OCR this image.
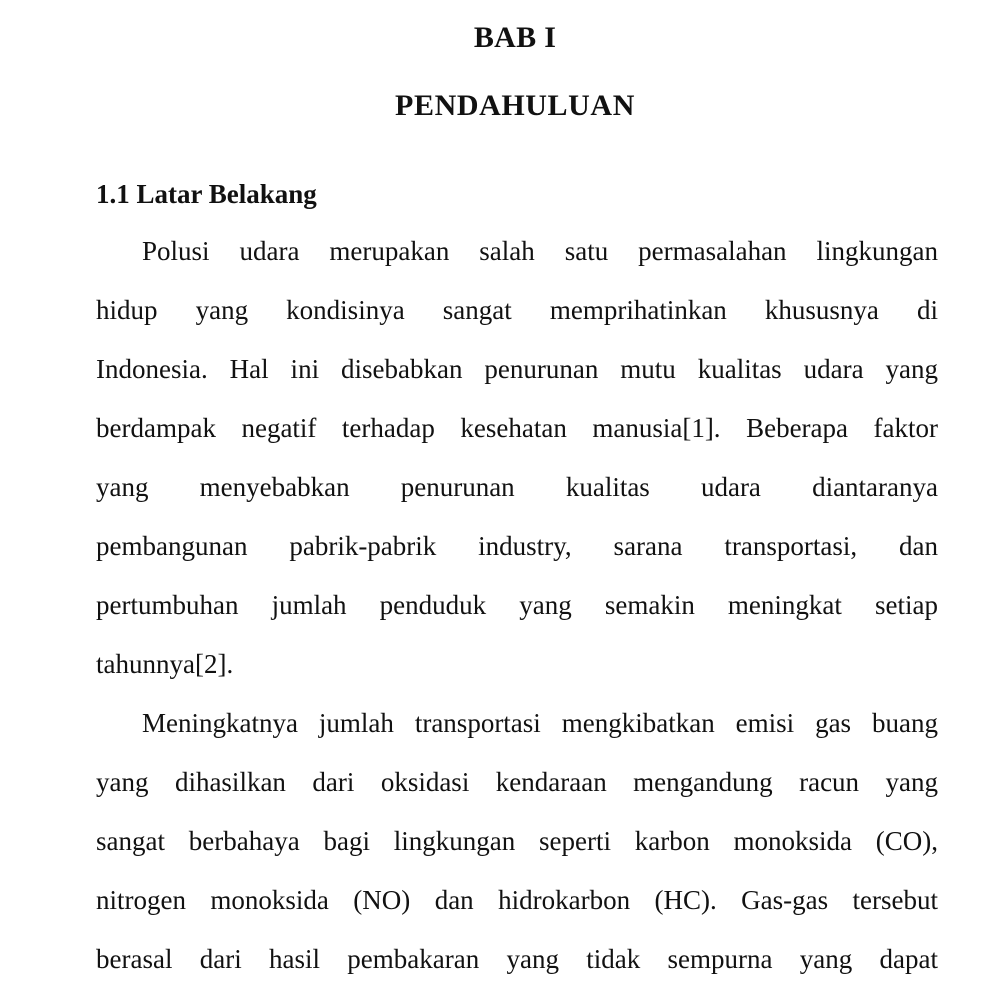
BAB I
PENDAHULUAN
1.1 Latar Belakang
Polusi udara merupakan salah satu permasalahan lingkungan
hidup yang kondisinya sangat memprihatinkan khususnya di
Indonesia. Hal ini disebabkan penurunan mutu kualitas udara yang
berdampak negatif terhadap kesehatan manusia[1]. Beberapa faktor
yang menyebabkan penurunan kualitas udara diantaranya
pembangunan pabrik-pabrik industry, sarana transportasi, dan
pertumbuhan jumlah penduduk yang semakin meningkat setiap
tahunnya[2].
Meningkatnya jumlah transportasi mengkibatkan emisi gas buang
yang dihasilkan dari oksidasi kendaraan mengandung racun yang
sangat berbahaya bagi lingkungan seperti karbon monoksida (CO),
nitrogen monoksida (NO) dan hidrokarbon (HC). Gas-gas tersebut
berasal dari hasil pembakaran yang tidak sempurna yang dapat
